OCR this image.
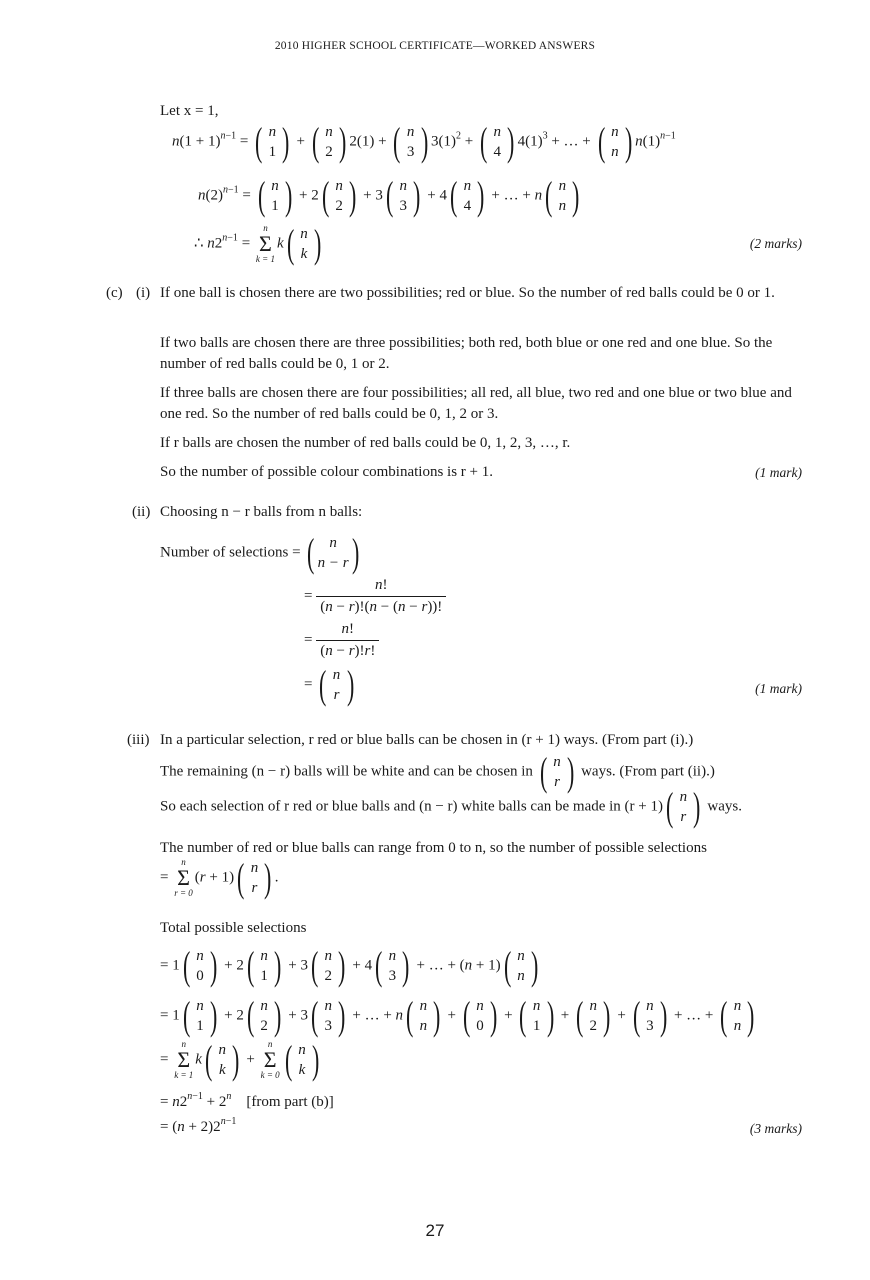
2010 HIGHER SCHOOL CERTIFICATE—WORKED ANSWERS
Let x = 1,
$n(1 + 1)^{n-1}$ = ( n
1 ) + ( n
2 ) 2(1) + ( n
3 ) $3(1)^2$ + ( n
4 ) $4(1)^3$ + … + ( n
n ) $n(1)^{n-1}$
$n(2)^{n-1}$ = ( n
1 ) + 2 ( n
2 ) + 3 ( n
3 ) + 4 ( n
4 ) + … + n ( n
n )
∴ $n2^{n-1}$ =
n
Σ
k = 1
k ( n
k )	(2 marks)
(c) (i) If one ball is chosen there are two possibilities; red or blue. So the number of red balls could be 0 or 1.
If two balls are chosen there are three possibilities; both red, both blue or one red and one blue. So the number of red balls could be 0, 1 or 2.
If three balls are chosen there are four possibilities; all red, all blue, two red and one blue or two blue and one red. So the number of red balls could be 0, 1, 2 or 3.
If r balls are chosen the number of red balls could be 0, 1, 2, 3, …, r.
So the number of possible colour combinations is r + 1.	(1 mark)
(ii) Choosing n − r balls from n balls:
Number of selections = ( n
n − r )
= $\frac{n!}{(n - r)!(n - (n - r))!}$
= $\frac{n!}{(n - r)!r!}$
= ( n
r )	(1 mark)
(iii) In a particular selection, r red or blue balls can be chosen in (r + 1) ways. (From part (i).)
The remaining (n − r) balls will be white and can be chosen in ( n
r ) ways. (From part (ii).)
So each selection of r red or blue balls and (n − r) white balls can be made in (r + 1) ( n
r ) ways.
The number of red or blue balls can range from 0 to n, so the number of possible selections
=
n
Σ
r = 0
(r + 1) ( n
r ) .
Total possible selections
= 1 ( n
0 ) + 2 ( n
1 ) + 3 ( n
2 ) + 4 ( n
3 ) + … + (n + 1) ( n
n )
= 1 ( n
1 ) + 2 ( n
2 ) + 3 ( n
3 ) + … + n ( n
n ) + ( n
0 ) + ( n
1 ) + ( n
2 ) + ( n
3 ) + … + ( n
n )
=
n
Σ
k = 1
k ( n
k ) +
n
Σ
k = 0 ( n
k )
= $n2^{n-1} + 2^n$ [from part (b)]
= $(n + 2)2^{n-1}$	(3 marks)
27
